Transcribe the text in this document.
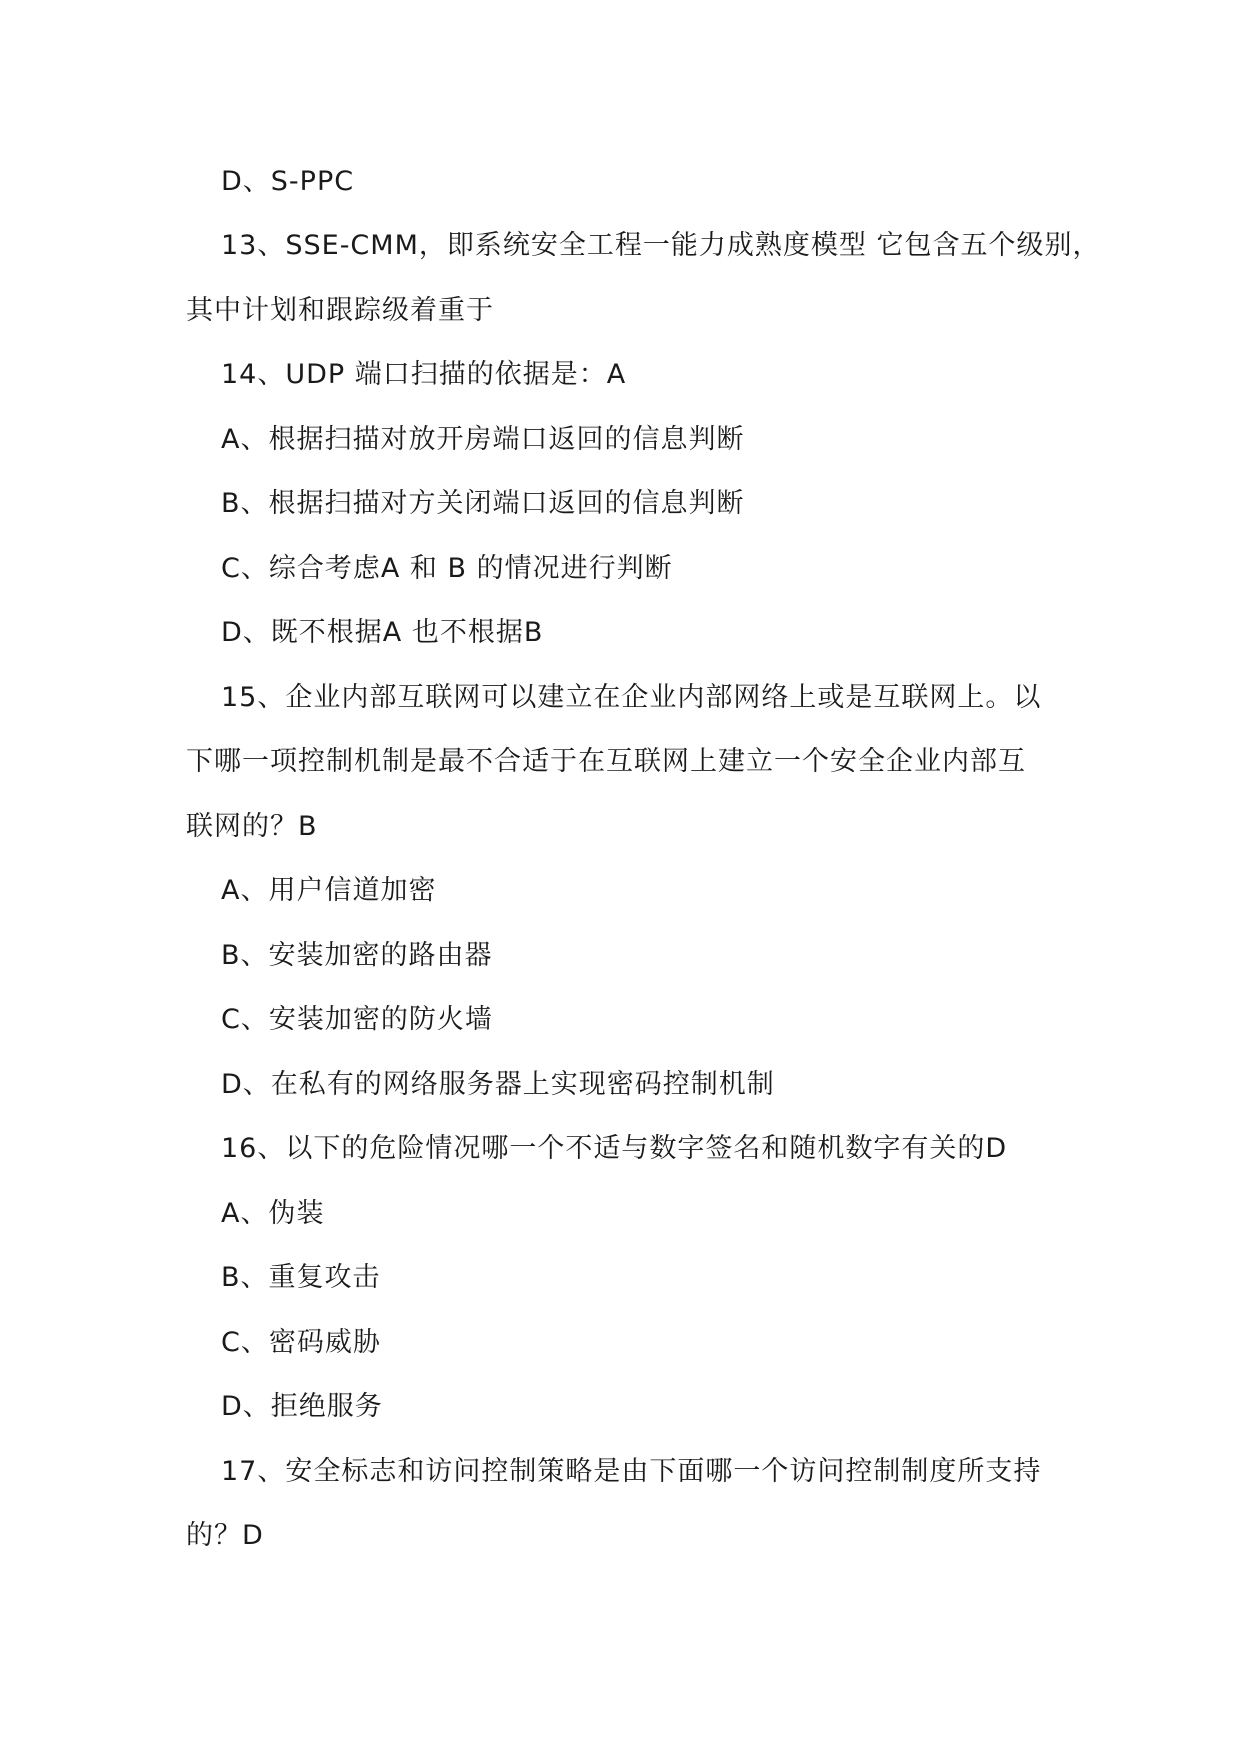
D、S-PPC
13、SSE-CMM，即系统安全工程一能力成熟度模型 它包含五个级别，
其中计划和跟踪级着重于
14、UDP 端口扫描的依据是：A
A、根据扫描对放开房端口返回的信息判断
B、根据扫描对方关闭端口返回的信息判断
C、综合考虑A 和 B 的情况进行判断
D、既不根据A 也不根据B
15、企业内部互联网可以建立在企业内部网络上或是互联网上。以
下哪一项控制机制是最不合适于在互联网上建立一个安全企业内部互
联网的？B
A、用户信道加密
B、安装加密的路由器
C、安装加密的防火墙
D、在私有的网络服务器上实现密码控制机制
16、以下的危险情况哪一个不适与数字签名和随机数字有关的D
A、伪装
B、重复攻击
C、密码威胁
D、拒绝服务
17、安全标志和访问控制策略是由下面哪一个访问控制制度所支持
的？D
